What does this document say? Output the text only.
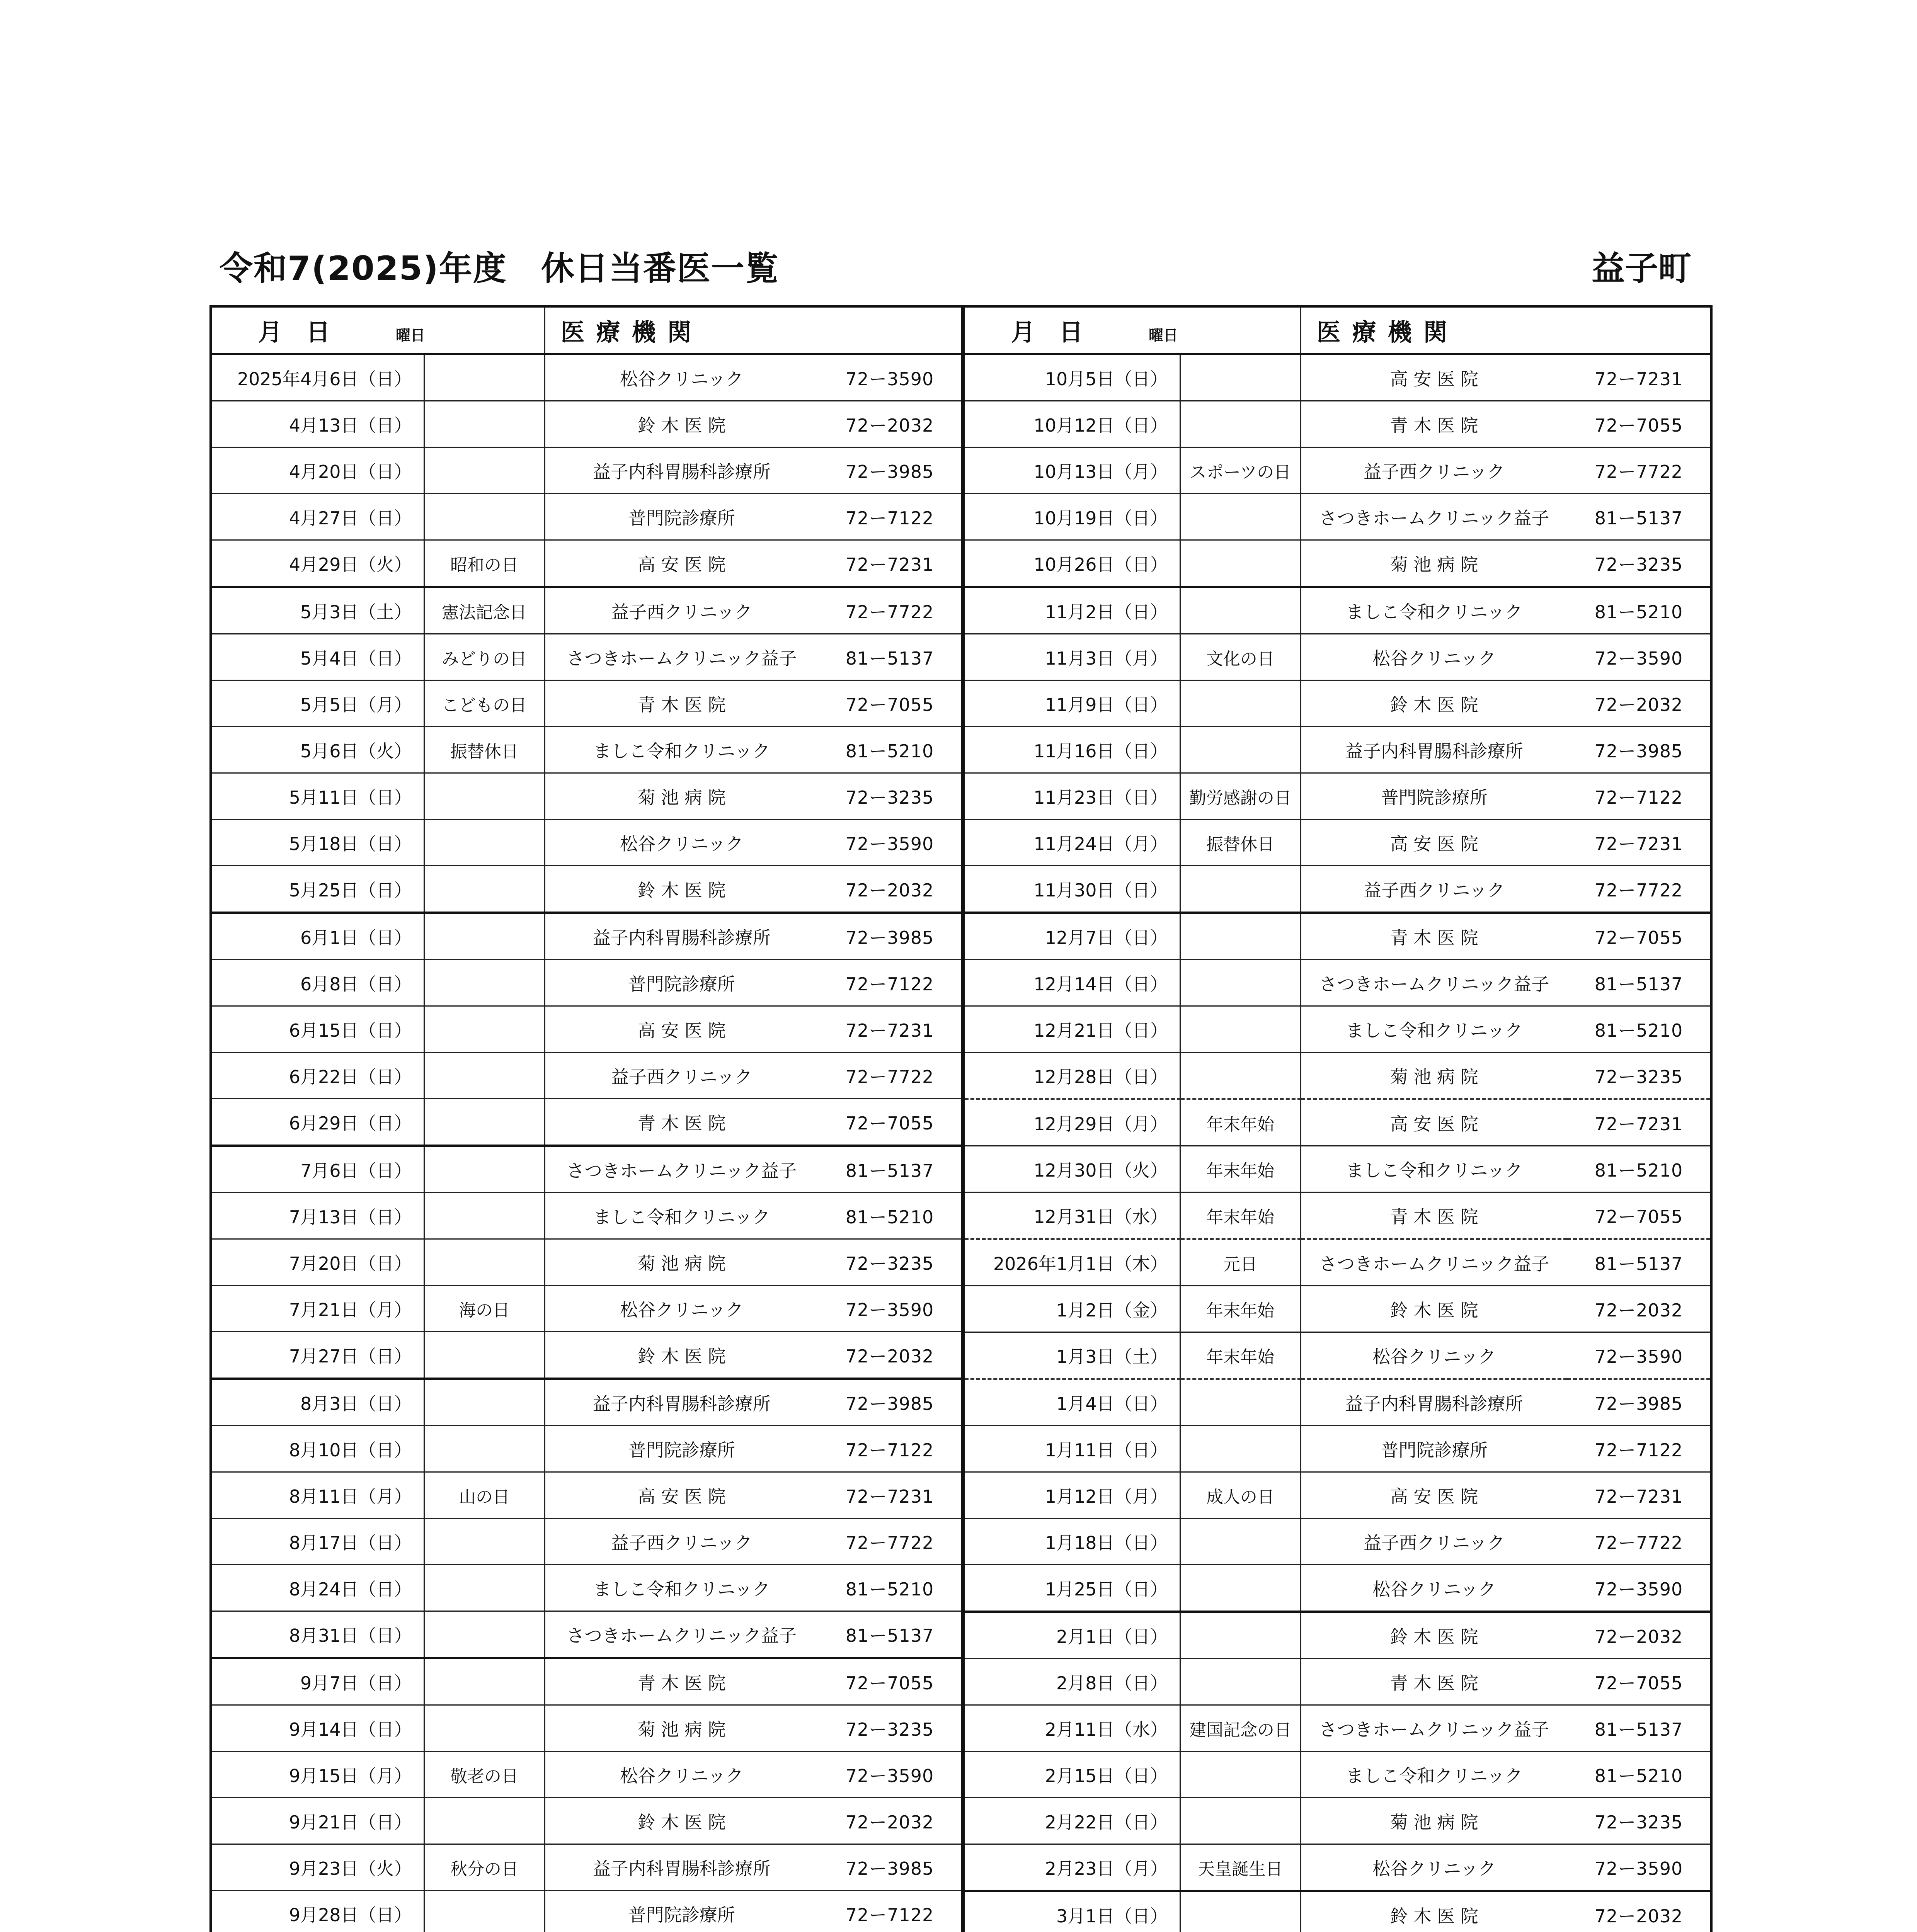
令和7(2025)年度　休日当番医一覧	益子町
月　日 曜日		医療機関	
2025年4月6日（日）		松谷クリニック	72ー3590
4月13日（日）		鈴 木 医 院	72ー2032
4月20日（日）		益子内科胃腸科診療所	72ー3985
4月27日（日）		普門院診療所	72ー7122
4月29日（火）	昭和の日	高 安 医 院	72ー7231
5月3日（土）	憲法記念日	益子西クリニック	72ー7722
5月4日（日）	みどりの日	さつきホームクリニック益子	81ー5137
5月5日（月）	こどもの日	青 木 医 院	72ー7055
5月6日（火）	振替休日	ましこ令和クリニック	81ー5210
5月11日（日）		菊 池 病 院	72ー3235
5月18日（日）		松谷クリニック	72ー3590
5月25日（日）		鈴 木 医 院	72ー2032
6月1日（日）		益子内科胃腸科診療所	72ー3985
6月8日（日）		普門院診療所	72ー7122
6月15日（日）		高 安 医 院	72ー7231
6月22日（日）		益子西クリニック	72ー7722
6月29日（日）		青 木 医 院	72ー7055
7月6日（日）		さつきホームクリニック益子	81ー5137
7月13日（日）		ましこ令和クリニック	81ー5210
7月20日（日）		菊 池 病 院	72ー3235
7月21日（月）	海の日	松谷クリニック	72ー3590
7月27日（日）		鈴 木 医 院	72ー2032
8月3日（日）		益子内科胃腸科診療所	72ー3985
8月10日（日）		普門院診療所	72ー7122
8月11日（月）	山の日	高 安 医 院	72ー7231
8月17日（日）		益子西クリニック	72ー7722
8月24日（日）		ましこ令和クリニック	81ー5210
8月31日（日）		さつきホームクリニック益子	81ー5137
9月7日（日）		青 木 医 院	72ー7055
9月14日（日）		菊 池 病 院	72ー3235
9月15日（月）	敬老の日	松谷クリニック	72ー3590
9月21日（日）		鈴 木 医 院	72ー2032
9月23日（火）	秋分の日	益子内科胃腸科診療所	72ー3985
9月28日（日）		普門院診療所	72ー7122
月　日 曜日		医療機関	
10月5日（日）		高 安 医 院	72ー7231
10月12日（日）		青 木 医 院	72ー7055
10月13日（月）	スポーツの日	益子西クリニック	72ー7722
10月19日（日）		さつきホームクリニック益子	81ー5137
10月26日（日）		菊 池 病 院	72ー3235
11月2日（日）		ましこ令和クリニック	81ー5210
11月3日（月）	文化の日	松谷クリニック	72ー3590
11月9日（日）		鈴 木 医 院	72ー2032
11月16日（日）		益子内科胃腸科診療所	72ー3985
11月23日（日）	勤労感謝の日	普門院診療所	72ー7122
11月24日（月）	振替休日	高 安 医 院	72ー7231
11月30日（日）		益子西クリニック	72ー7722
12月7日（日）		青 木 医 院	72ー7055
12月14日（日）		さつきホームクリニック益子	81ー5137
12月21日（日）		ましこ令和クリニック	81ー5210
12月28日（日）		菊 池 病 院	72ー3235
12月29日（月）	年末年始	高 安 医 院	72ー7231
12月30日（火）	年末年始	ましこ令和クリニック	81ー5210
12月31日（水）	年末年始	青 木 医 院	72ー7055
2026年1月1日（木）	元日	さつきホームクリニック益子	81ー5137
1月2日（金）	年末年始	鈴 木 医 院	72ー2032
1月3日（土）	年末年始	松谷クリニック	72ー3590
1月4日（日）		益子内科胃腸科診療所	72ー3985
1月11日（日）		普門院診療所	72ー7122
1月12日（月）	成人の日	高 安 医 院	72ー7231
1月18日（日）		益子西クリニック	72ー7722
1月25日（日）		松谷クリニック	72ー3590
2月1日（日）		鈴 木 医 院	72ー2032
2月8日（日）		青 木 医 院	72ー7055
2月11日（水）	建国記念の日	さつきホームクリニック益子	81ー5137
2月15日（日）		ましこ令和クリニック	81ー5210
2月22日（日）		菊 池 病 院	72ー3235
2月23日（月）	天皇誕生日	松谷クリニック	72ー3590
3月1日（日）		鈴 木 医 院	72ー2032
